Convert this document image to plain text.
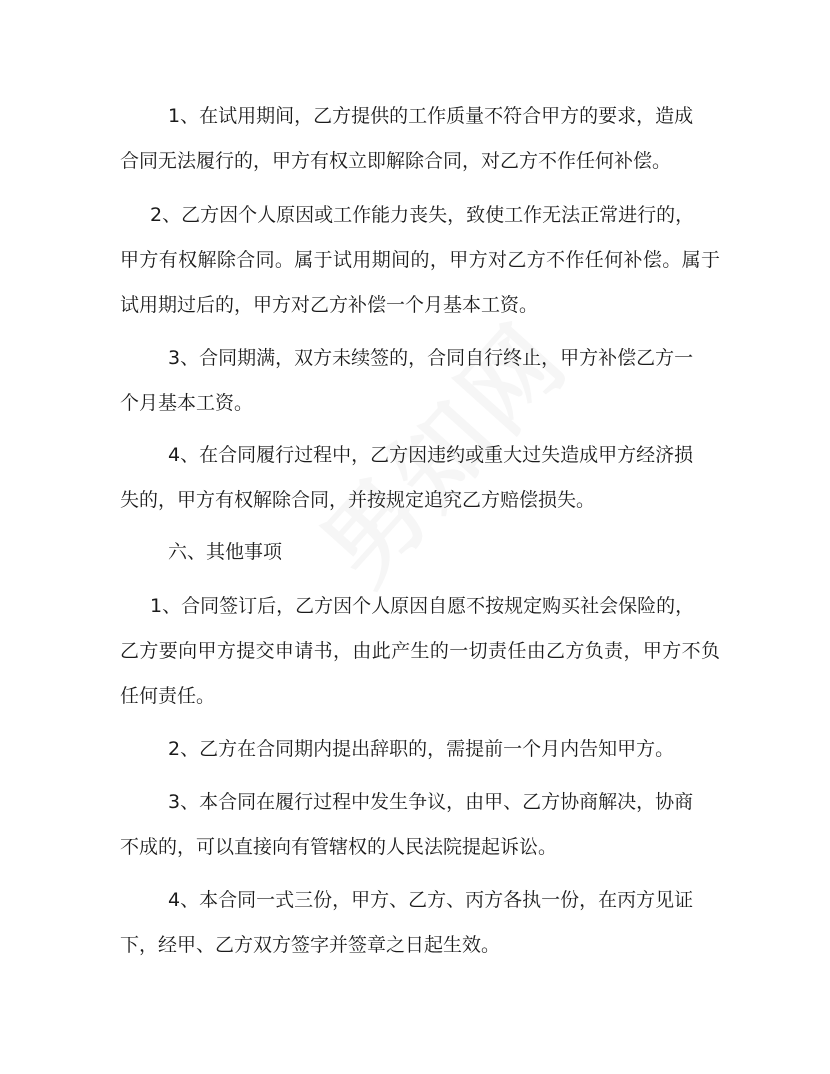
1、在试用期间，乙方提供的工作质量不符合甲方的要求，造成
合同无法履行的，甲方有权立即解除合同，对乙方不作任何补偿。
2、乙方因个人原因或工作能力丧失，致使工作无法正常进行的，
甲方有权解除合同。属于试用期间的，甲方对乙方不作任何补偿。属于试用期过后的，甲方对乙方补偿一个月基本工资。
3、合同期满，双方未续签的，合同自行终止，甲方补偿乙方一
个月基本工资。
4、在合同履行过程中，乙方因违约或重大过失造成甲方经济损
失的，甲方有权解除合同，并按规定追究乙方赔偿损失。
六、其他事项
1、合同签订后，乙方因个人原因自愿不按规定购买社会保险的，
乙方要向甲方提交申请书，由此产生的一切责任由乙方负责，甲方不负任何责任。
2、乙方在合同期内提出辞职的，需提前一个月内告知甲方。
3、本合同在履行过程中发生争议，由甲、乙方协商解决，协商
不成的，可以直接向有管辖权的人民法院提起诉讼。
4、本合同一式三份，甲方、乙方、丙方各执一份，在丙方见证
下，经甲、乙方双方签字并签章之日起生效。
